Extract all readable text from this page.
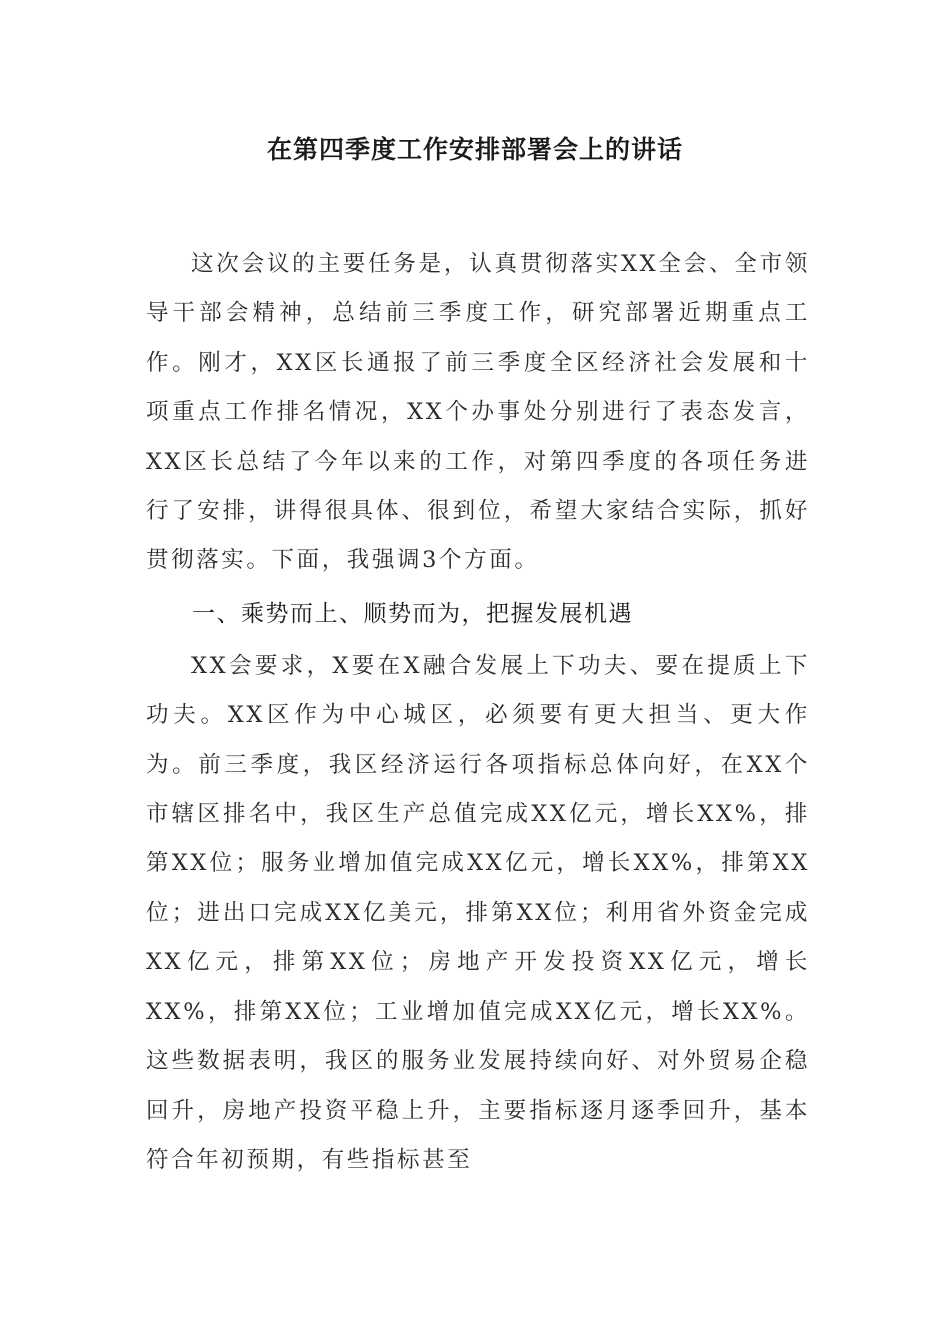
在第四季度工作安排部署会上的讲话

这次会议的主要任务是，认真贯彻落实XX全会、全市领导干部会精神，总结前三季度工作，研究部署近期重点工作。刚才，XX区长通报了前三季度全区经济社会发展和十项重点工作排名情况，XX个办事处分别进行了表态发言，XX区长总结了今年以来的工作，对第四季度的各项任务进行了安排，讲得很具体、很到位，希望大家结合实际，抓好贯彻落实。下面，我强调3个方面。

一、乘势而上、顺势而为，把握发展机遇

XX会要求，X要在X融合发展上下功夫、要在提质上下功夫。XX区作为中心城区，必须要有更大担当、更大作为。前三季度，我区经济运行各项指标总体向好，在XX个市辖区排名中，我区生产总值完成XX亿元，增长XX%，排第XX位；服务业增加值完成XX亿元，增长XX%，排第XX位；进出口完成XX亿美元，排第XX位；利用省外资金完成XX亿元，排第XX位；房地产开发投资XX亿元，增长XX%，排第XX位；工业增加值完成XX亿元，增长XX%。这些数据表明，我区的服务业发展持续向好、对外贸易企稳回升，房地产投资平稳上升，主要指标逐月逐季回升，基本符合年初预期，有些指标甚至
